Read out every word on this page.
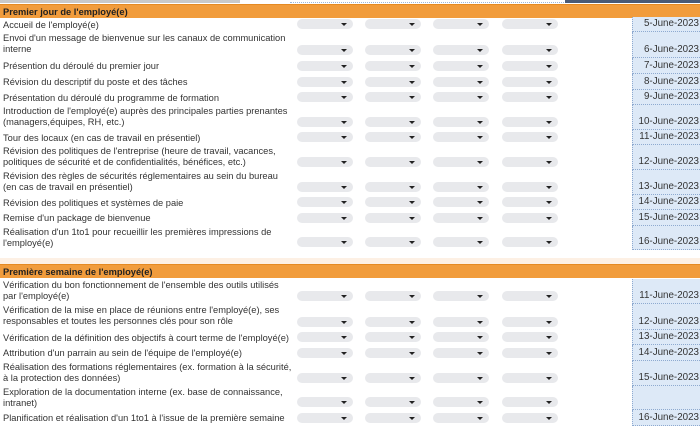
Premier jour de l'employé(e)
Accueil de l'employé(e)	5-June-2023
Envoi d'un message de bienvenue sur les canaux de communication interne	6-June-2023
Présention du déroulé du premier jour	7-June-2023
Révision du descriptif du poste et des tâches	8-June-2023
Présentation du déroulé du programme de formation	9-June-2023
Introduction de l'employé(e) auprès des principales parties prenantes (managers,équipes, RH, etc.)	10-June-2023
Tour des locaux (en cas de travail en présentiel)	11-June-2023
Révision des politiques de l'entreprise (heure de travail, vacances, politiques de sécurité et de confidentialités, bénéfices, etc.)	12-June-2023
Révision des règles de sécurités réglementaires au sein du bureau (en cas de travail en présentiel)	13-June-2023
Révision des politiques et systèmes de paie	14-June-2023
Remise d'un package de bienvenue	15-June-2023
Réalisation d'un 1to1 pour recueillir les premières impressions de l'employé(e)	16-June-2023
Première semaine de l'employé(e)
Vérification du bon fonctionnement de l'ensemble des outils utilisés par l'employé(e)	11-June-2023
Vérification de la mise en place de réunions entre l'employé(e), ses responsables et toutes les personnes clés pour son rôle	12-June-2023
Vérification de la définition des objectifs à court terme de l'employé(e)	13-June-2023
Attribution d'un parrain au sein de l'équipe de l'employé(e)	14-June-2023
Réalisation des formations réglementaires (ex. formation à la sécurité, à la protection des données)	15-June-2023
Exploration de la documentation interne (ex. base de connaissance, intranet)
Planification et réalisation d'un 1to1 à l'issue de la première semaine	16-June-2023
